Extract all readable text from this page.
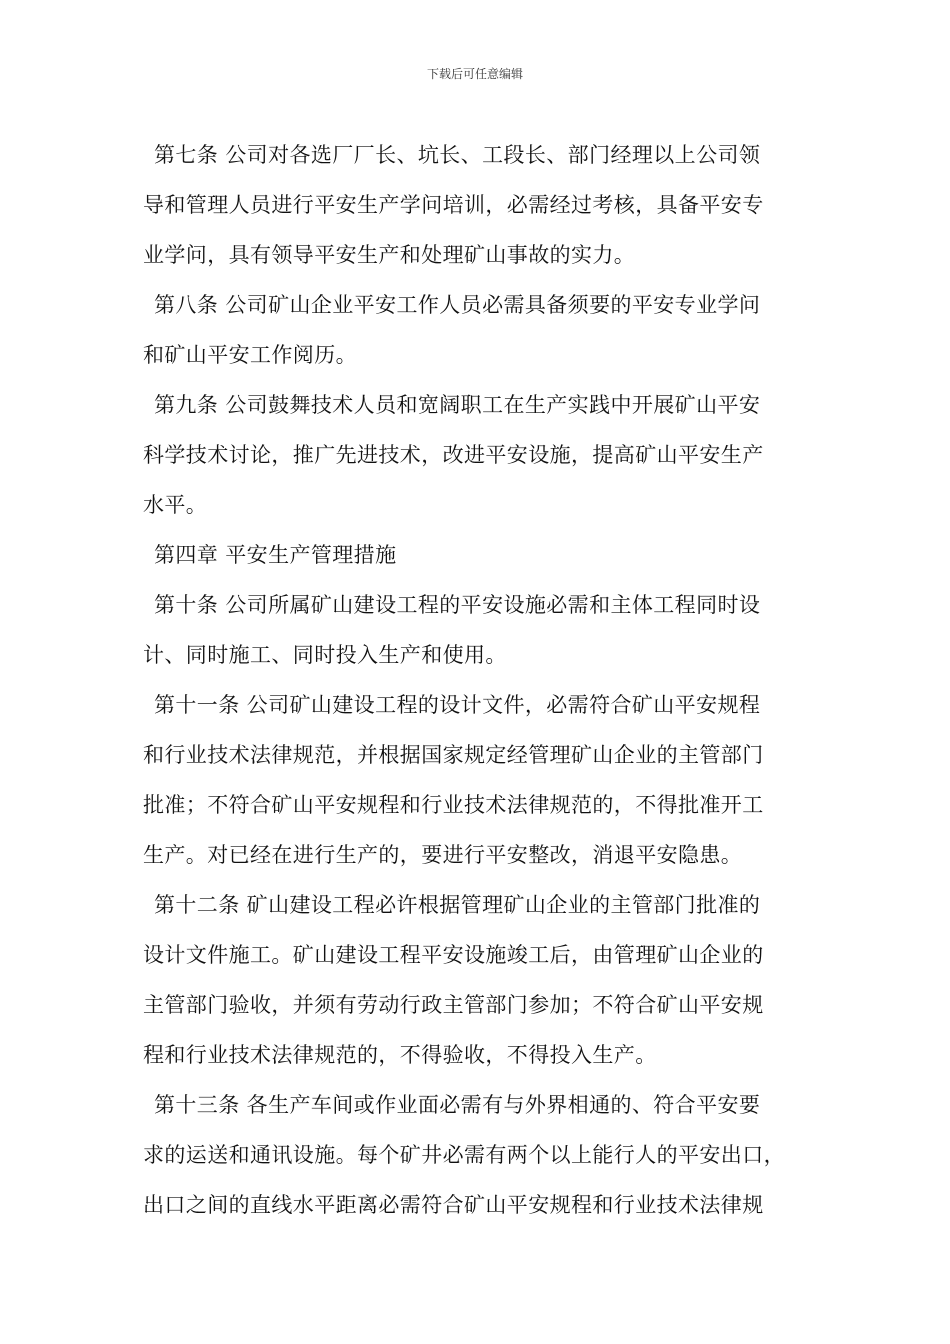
下载后可任意编辑
第七条 公司对各选厂厂长、坑长、工段长、部门经理以上公司领
导和管理人员进行平安生产学问培训，必需经过考核，具备平安专
业学问，具有领导平安生产和处理矿山事故的实力。
第八条 公司矿山企业平安工作人员必需具备须要的平安专业学问
和矿山平安工作阅历。
第九条 公司鼓舞技术人员和宽阔职工在生产实践中开展矿山平安
科学技术讨论，推广先进技术，改进平安设施，提高矿山平安生产
水平。
第四章 平安生产管理措施
第十条 公司所属矿山建设工程的平安设施必需和主体工程同时设
计、同时施工、同时投入生产和使用。
第十一条 公司矿山建设工程的设计文件，必需符合矿山平安规程
和行业技术法律规范，并根据国家规定经管理矿山企业的主管部门
批准；不符合矿山平安规程和行业技术法律规范的，不得批准开工
生产。对已经在进行生产的，要进行平安整改，消退平安隐患。
第十二条 矿山建设工程必许根据管理矿山企业的主管部门批准的
设计文件施工。矿山建设工程平安设施竣工后，由管理矿山企业的
主管部门验收，并须有劳动行政主管部门参加；不符合矿山平安规
程和行业技术法律规范的，不得验收，不得投入生产。
第十三条 各生产车间或作业面必需有与外界相通的、符合平安要
求的运送和通讯设施。每个矿井必需有两个以上能行人的平安出口，
出口之间的直线水平距离必需符合矿山平安规程和行业技术法律规
